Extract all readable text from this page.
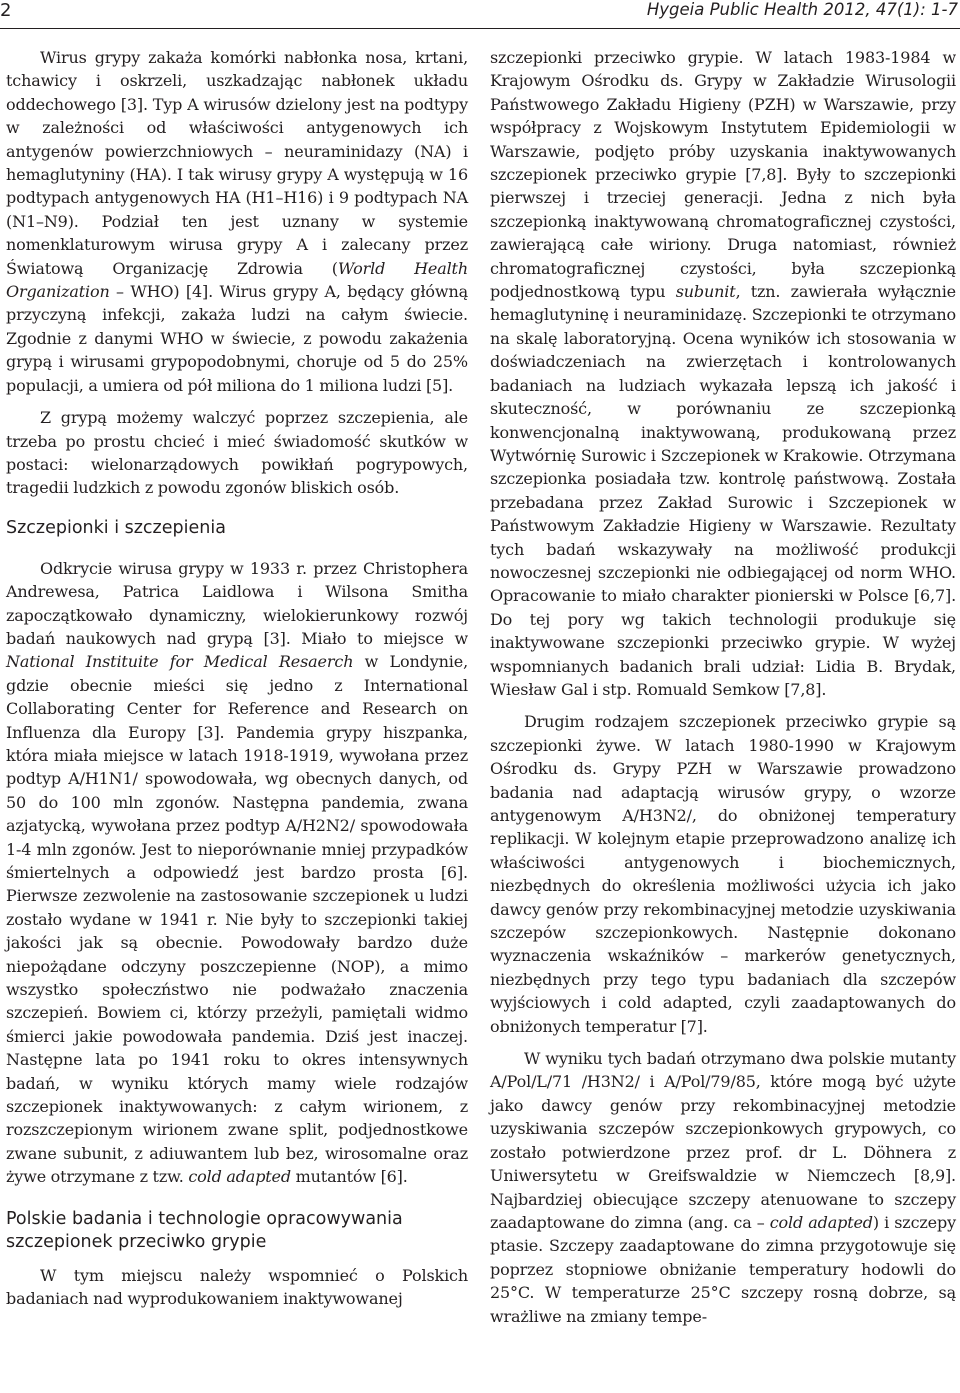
2	Hygeia Public Health 2012, 47(1): 1-7

Wirus grypy zakaża komórki nabłonka nosa, krtani, tchawicy i oskrzeli, uszkadzając nabłonek układu oddechowego [3]. Typ A wirusów dzielony jest na podtypy w zależności od właściwości antygenowych ich antygenów powierzchniowych – neuraminidazy (NA) i hemaglutyniny (HA). I tak wirusy grypy A występują w 16 podtypach antygenowych HA (H1–H16) i 9 podtypach NA (N1–N9). Podział ten jest uznany w systemie nomenklaturowym wirusa grypy A i zalecany przez Światową Organizację Zdrowia (World Health Organization – WHO) [4]. Wirus grypy A, będący główną przyczyną infekcji, zakaża ludzi na całym świecie. Zgodnie z danymi WHO w świecie, z powodu zakażenia grypą i wirusami grypopodobnymi, choruje od 5 do 25% populacji, a umiera od pół miliona do 1 miliona ludzi [5].

Z grypą możemy walczyć poprzez szczepienia, ale trzeba po prostu chcieć i mieć świadomość skutków w postaci: wielonarządowych powikłań pogrypowych, tragedii ludzkich z powodu zgonów bliskich osób.

Szczepionki i szczepienia

Odkrycie wirusa grypy w 1933 r. przez Christophera Andrewesa, Patrica Laidlowa i Wilsona Smitha zapoczątkowało dynamiczny, wielokierunkowy rozwój badań naukowych nad grypą [3]. Miało to miejsce w National Instituite for Medical Resaerch w Londynie, gdzie obecnie mieści się jedno z International Collaborating Center for Reference and Research on Influenza dla Europy [3]. Pandemia grypy hiszpanka, która miała miejsce w latach 1918-1919, wywołana przez podtyp A/H1N1/ spowodowała, wg obecnych danych, od 50 do 100 mln zgonów. Następna pandemia, zwana azjatycką, wywołana przez podtyp A/H2N2/ spowodowała 1-4 mln zgonów. Jest to nieporównanie mniej przypadków śmiertelnych a odpowiedź jest bardzo prosta [6]. Pierwsze zezwolenie na zastosowanie szczepionek u ludzi zostało wydane w 1941 r. Nie były to szczepionki takiej jakości jak są obecnie. Powodowały bardzo duże niepożądane odczyny poszczepienne (NOP), a mimo wszystko społeczństwo nie podważało znaczenia szczepień. Bowiem ci, którzy przeżyli, pamiętali widmo śmierci jakie powodowała pandemia. Dziś jest inaczej. Następne lata po 1941 roku to okres intensywnych badań, w wyniku których mamy wiele rodzajów szczepionek inaktywowanych: z całym wirionem, z rozszczepionym wirionem zwane split, podjednostkowe zwane subunit, z adiuwantem lub bez, wirosomalne oraz żywe otrzymane z tzw. cold adapted mutantów [6].

Polskie badania i technologie opracowywania szczepionek przeciwko grypie

W tym miejscu należy wspomnieć o Polskich badaniach nad wyprodukowaniem inaktywowanej

szczepionki przeciwko grypie. W latach 1983-1984 w Krajowym Ośrodku ds. Grypy w Zakładzie Wirusologii Państwowego Zakładu Higieny (PZH) w Warszawie, przy współpracy z Wojskowym Instytutem Epidemiologii w Warszawie, podjęto próby uzyskania inaktywowanych szczepionek przeciwko grypie [7,8]. Były to szczepionki pierwszej i trzeciej generacji. Jedna z nich była szczepionką inaktywowaną chromatograficznej czystości, zawierającą całe wiriony. Druga natomiast, również chromatograficznej czystości, była szczepionką podjednostkową typu subunit, tzn. zawierała wyłącznie hemaglutyninę i neuraminidazę. Szczepionki te otrzymano na skalę laboratoryjną. Ocena wyników ich stosowania w doświadczeniach na zwierzętach i kontrolowanych badaniach na ludziach wykazała lepszą ich jakość i skuteczność, w porównaniu ze szczepionką konwencjonalną inaktywowaną, produkowaną przez Wytwórnię Surowic i Szczepionek w Krakowie. Otrzymana szczepionka posiadała tzw. kontrolę państwową. Została przebadana przez Zakład Surowic i Szczepionek w Państwowym Zakładzie Higieny w Warszawie. Rezultaty tych badań wskazywały na możliwość produkcji nowoczesnej szczepionki nie odbiegającej od norm WHO. Opracowanie to miało charakter pionierski w Polsce [6,7]. Do tej pory wg takich technologii produkuje się inaktywowane szczepionki przeciwko grypie. W wyżej wspomnianych badanich brali udział: Lidia B. Brydak, Wiesław Gal i stp. Romuald Semkow [7,8].

Drugim rodzajem szczepionek przeciwko grypie są szczepionki żywe. W latach 1980-1990 w Krajowym Ośrodku ds. Grypy PZH w Warszawie prowadzono badania nad adaptacją wirusów grypy, o wzorze antygenowym A/H3N2/, do obniżonej temperatury replikacji. W kolejnym etapie przeprowadzono analizę ich właściwości antygenowych i biochemicznych, niezbędnych do określenia możliwości użycia ich jako dawcy genów przy rekombinacyjnej metodzie uzyskiwania szczepów szczepionkowych. Następnie dokonano wyznaczenia wskaźników – markerów genetycznych, niezbędnych przy tego typu badaniach dla szczepów wyjściowych i cold adapted, czyli zaadaptowanych do obniżonych temperatur [7].

W wyniku tych badań otrzymano dwa polskie mutanty A/Pol/L/71 /H3N2/ i A/Pol/79/85, które mogą być użyte jako dawcy genów przy rekombinacyjnej metodzie uzyskiwania szczepów szczepionkowych grypowych, co zostało potwierdzone przez prof. dr L. Döhnera z Uniwersytetu w Greifswaldzie w Niemczech [8,9]. Najbardziej obiecujące szczepy atenuowane to szczepy zaadaptowane do zimna (ang. ca – cold adapted) i szczepy ptasie. Szczepy zaadaptowane do zimna przygotowuje się poprzez stopniowe obniżanie temperatury hodowli do 25°C. W temperaturze 25°C szczepy rosną dobrze, są wrażliwe na zmiany tempe-
